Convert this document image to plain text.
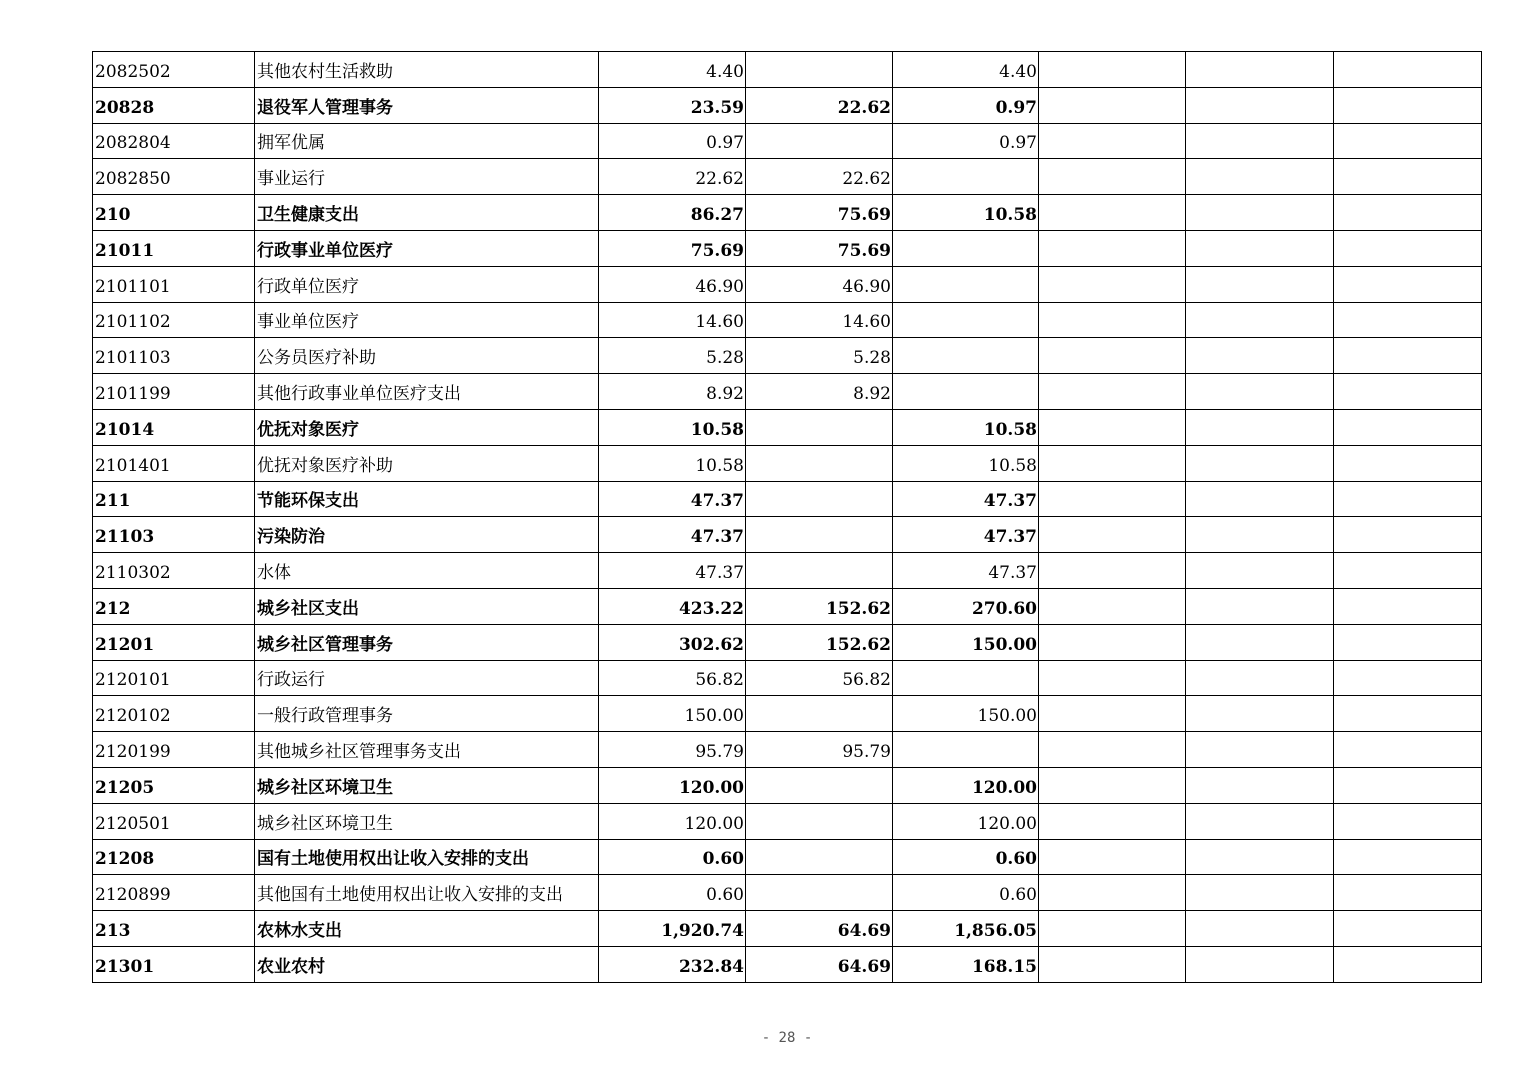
2082502	其他农村生活救助	4.40		4.40			
20828	退役军人管理事务	23.59	22.62	0.97			
2082804	拥军优属	0.97		0.97			
2082850	事业运行	22.62	22.62				
210	卫生健康支出	86.27	75.69	10.58			
21011	行政事业单位医疗	75.69	75.69				
2101101	行政单位医疗	46.90	46.90				
2101102	事业单位医疗	14.60	14.60				
2101103	公务员医疗补助	5.28	5.28				
2101199	其他行政事业单位医疗支出	8.92	8.92				
21014	优抚对象医疗	10.58		10.58			
2101401	优抚对象医疗补助	10.58		10.58			
211	节能环保支出	47.37		47.37			
21103	污染防治	47.37		47.37			
2110302	水体	47.37		47.37			
212	城乡社区支出	423.22	152.62	270.60			
21201	城乡社区管理事务	302.62	152.62	150.00			
2120101	行政运行	56.82	56.82				
2120102	一般行政管理事务	150.00		150.00			
2120199	其他城乡社区管理事务支出	95.79	95.79				
21205	城乡社区环境卫生	120.00		120.00			
2120501	城乡社区环境卫生	120.00		120.00			
21208	国有土地使用权出让收入安排的支出	0.60		0.60			
2120899	其他国有土地使用权出让收入安排的支出	0.60		0.60			
213	农林水支出	1,920.74	64.69	1,856.05			
21301	农业农村	232.84	64.69	168.15			
- 28 -
